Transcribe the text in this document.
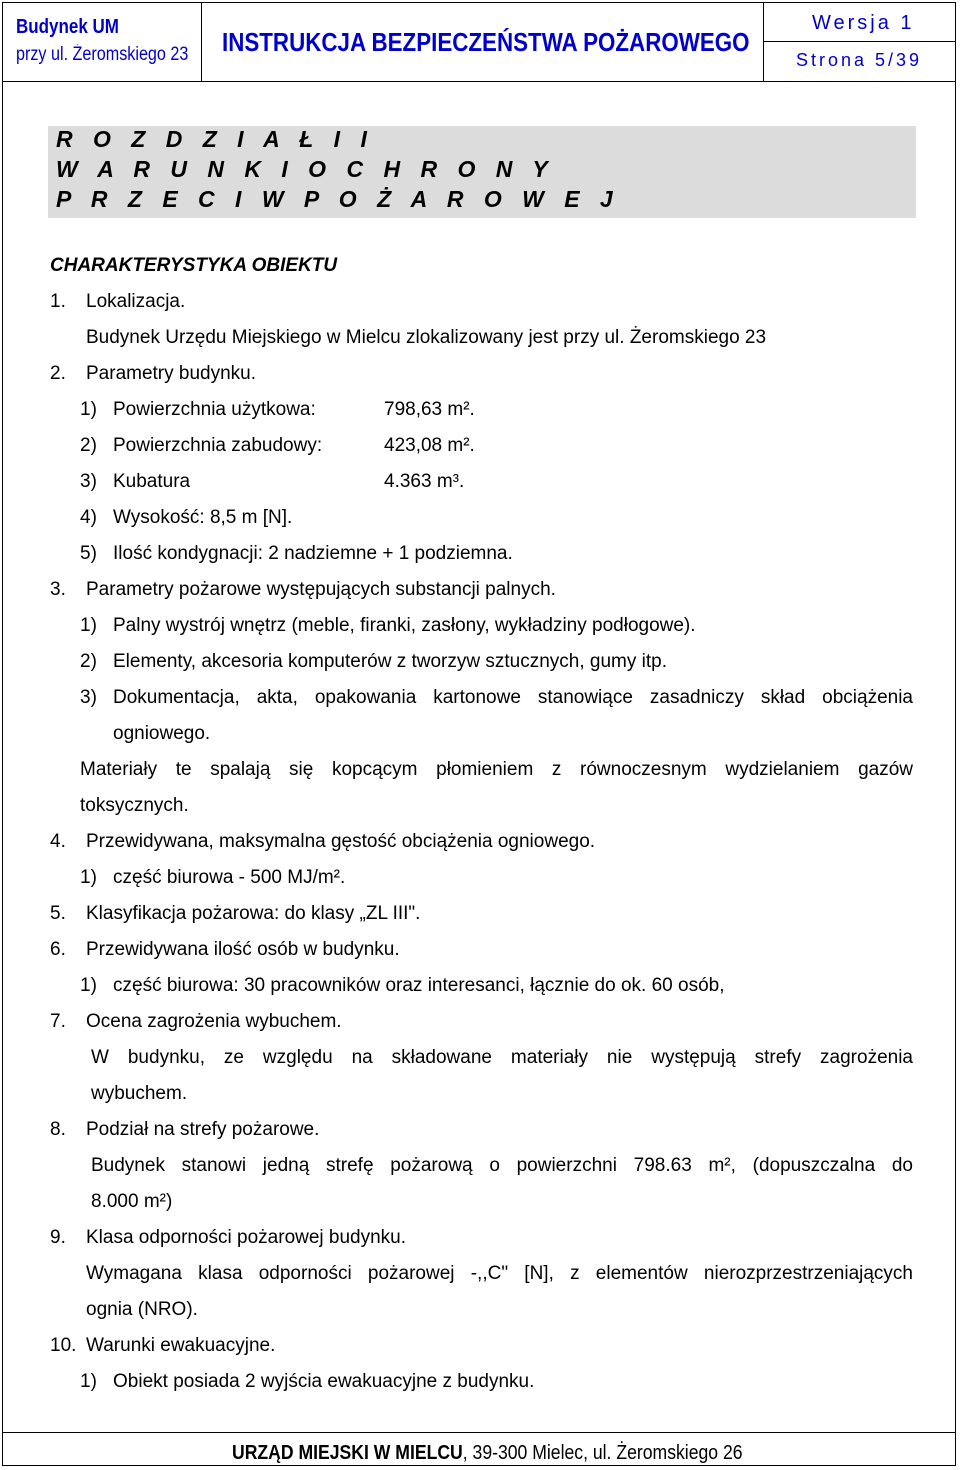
Budynek UM
przy ul. Żeromskiego 23 INSTRUKCJA BEZPIECZEŃSTWA POŻAROWEGO
Wersja 1
Strona 5/39
R O Z D Z I A Ł I I
W A R U N K I O C H R O N Y
P R Z E C I W P O Ż A R O W E J
CHARAKTERYSTYKA OBIEKTU
1. Lokalizacja.
Budynek Urzędu Miejskiego w Mielcu zlokalizowany jest przy ul. Żeromskiego 23
2. Parametry budynku.
1) Powierzchnia użytkowa:	798,63 m².
2) Powierzchnia zabudowy:	423,08 m².
3) Kubatura	4.363 m³.
4) Wysokość: 8,5 m [N].
5) Ilość kondygnacji: 2 nadziemne + 1 podziemna.
3. Parametry pożarowe występujących substancji palnych.
1) Palny wystrój wnętrz (meble, firanki, zasłony, wykładziny podłogowe).
2) Elementy, akcesoria komputerów z tworzyw sztucznych, gumy itp.
3) Dokumentacja, akta, opakowania kartonowe stanowiące zasadniczy skład obciążenia
ogniowego.
Materiały te spalają się kopcącym płomieniem z równoczesnym wydzielaniem gazów
toksycznych.
4. Przewidywana, maksymalna gęstość obciążenia ogniowego.
1) część biurowa - 500 MJ/m².
5. Klasyfikacja pożarowa: do klasy „ZL III".
6. Przewidywana ilość osób w budynku.
1) część biurowa: 30 pracowników oraz interesanci, łącznie do ok. 60 osób,
7. Ocena zagrożenia wybuchem.
W budynku, ze względu na składowane materiały nie występują strefy zagrożenia
wybuchem.
8. Podział na strefy pożarowe.
Budynek stanowi jedną strefę pożarową o powierzchni 798.63 m², (dopuszczalna do
8.000 m²)
9. Klasa odporności pożarowej budynku.
Wymagana klasa odporności pożarowej -,,C" [N], z elementów nierozprzestrzeniających
ognia (NRO).
10. Warunki ewakuacyjne.
1) Obiekt posiada 2 wyjścia ewakuacyjne z budynku.
URZĄD MIEJSKI W MIELCU, 39-300 Mielec, ul. Żeromskiego 26
